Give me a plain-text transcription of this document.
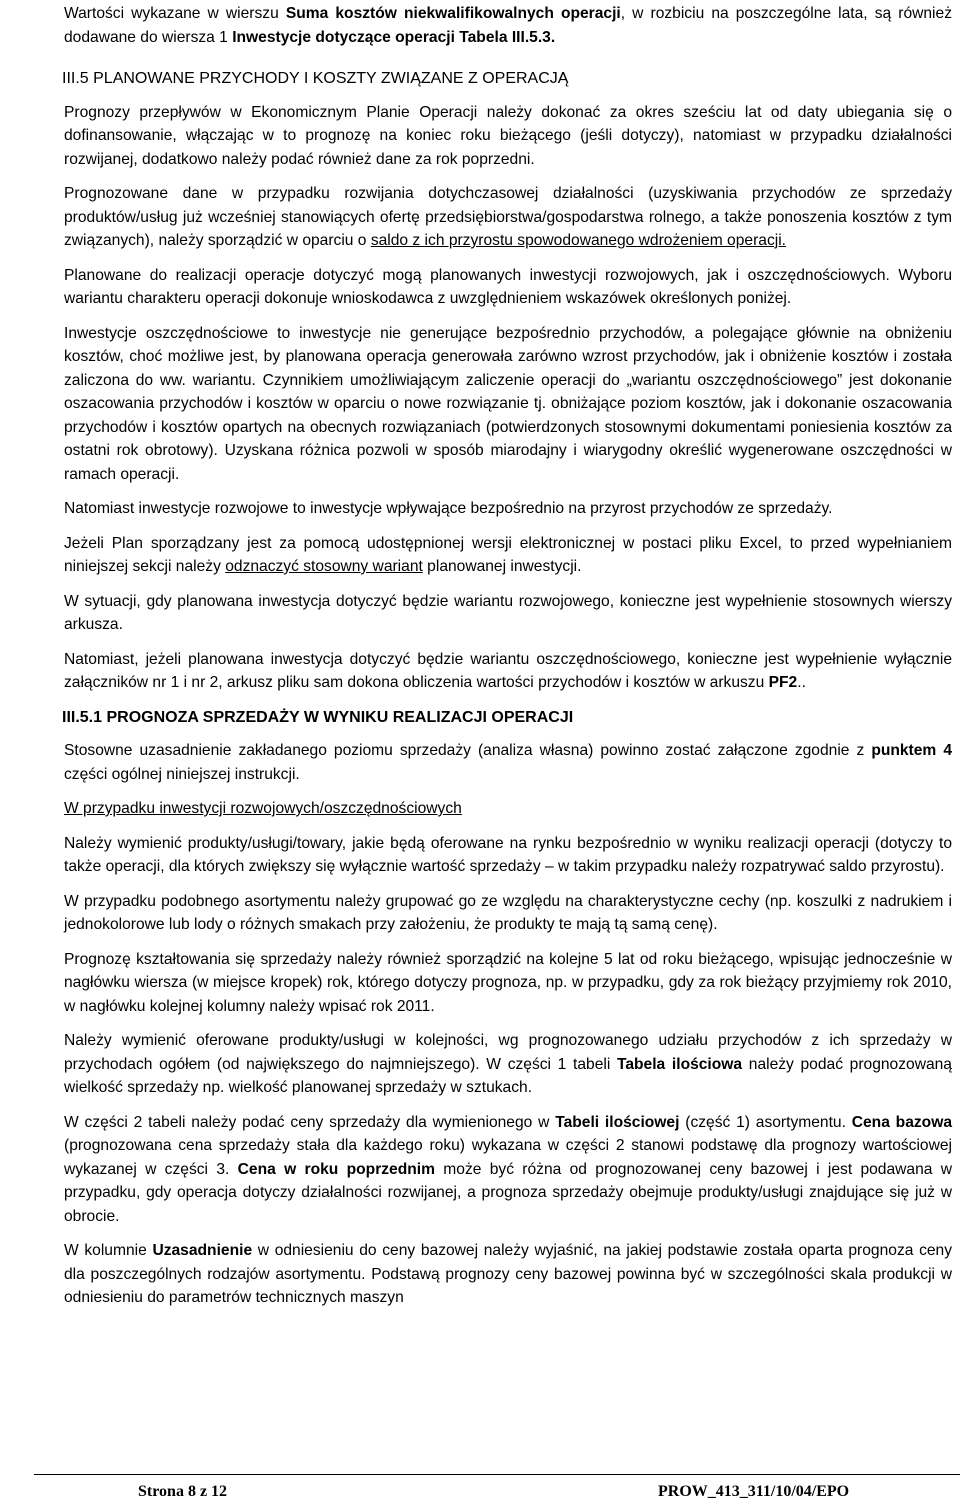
Wartości wykazane w wierszu Suma kosztów niekwalifikowalnych operacji, w rozbiciu na poszczególne lata, są również dodawane do wiersza 1 Inwestycje dotyczące operacji Tabela III.5.3.

III.5 PLANOWANE PRZYCHODY I KOSZTY ZWIĄZANE Z OPERACJĄ

Prognozy przepływów w Ekonomicznym Planie Operacji należy dokonać za okres sześciu lat od daty ubiegania się o dofinansowanie, włączając w to prognozę na koniec roku bieżącego (jeśli dotyczy), natomiast w przypadku działalności rozwijanej, dodatkowo należy podać również dane za rok poprzedni.

Prognozowane dane w przypadku rozwijania dotychczasowej działalności (uzyskiwania przychodów ze sprzedaży produktów/usług już wcześniej stanowiących ofertę przedsiębiorstwa/gospodarstwa rolnego, a także ponoszenia kosztów z tym związanych), należy sporządzić w oparciu o saldo z ich przyrostu spowodowanego wdrożeniem operacji.

Planowane do realizacji operacje dotyczyć mogą planowanych inwestycji rozwojowych, jak i oszczędnościowych. Wyboru wariantu charakteru operacji dokonuje wnioskodawca z uwzględnieniem wskazówek określonych poniżej.

Inwestycje oszczędnościowe to inwestycje nie generujące bezpośrednio przychodów, a polegające głównie na obniżeniu kosztów, choć możliwe jest, by planowana operacja generowała zarówno wzrost przychodów, jak i obniżenie kosztów i została zaliczona do ww. wariantu. Czynnikiem umożliwiającym zaliczenie operacji do „wariantu oszczędnościowego” jest dokonanie oszacowania przychodów i kosztów w oparciu o nowe rozwiązanie tj. obniżające poziom kosztów, jak i dokonanie oszacowania przychodów i kosztów opartych na obecnych rozwiązaniach (potwierdzonych stosownymi dokumentami poniesienia kosztów za ostatni rok obrotowy). Uzyskana różnica pozwoli w sposób miarodajny i wiarygodny określić wygenerowane oszczędności w ramach operacji.

Natomiast inwestycje rozwojowe to inwestycje wpływające bezpośrednio na przyrost przychodów ze sprzedaży.

Jeżeli Plan sporządzany jest za pomocą udostępnionej wersji elektronicznej w postaci pliku Excel, to przed wypełnianiem niniejszej sekcji należy odznaczyć stosowny wariant planowanej inwestycji.

W sytuacji, gdy planowana inwestycja dotyczyć będzie wariantu rozwojowego, konieczne jest wypełnienie stosownych wierszy arkusza.

Natomiast, jeżeli planowana inwestycja dotyczyć będzie wariantu oszczędnościowego, konieczne jest wypełnienie wyłącznie załączników nr 1 i nr 2, arkusz pliku sam dokona obliczenia wartości przychodów i kosztów w arkuszu PF2..

III.5.1 PROGNOZA SPRZEDAŻY W WYNIKU REALIZACJI OPERACJI

Stosowne uzasadnienie zakładanego poziomu sprzedaży (analiza własna) powinno zostać załączone zgodnie z punktem 4 części ogólnej niniejszej instrukcji.

W przypadku inwestycji rozwojowych/oszczędnościowych

Należy wymienić produkty/usługi/towary, jakie będą oferowane na rynku bezpośrednio w wyniku realizacji operacji (dotyczy to także operacji, dla których zwiększy się wyłącznie wartość sprzedaży – w takim przypadku należy rozpatrywać saldo przyrostu).

W przypadku podobnego asortymentu należy grupować go ze względu na charakterystyczne cechy (np. koszulki z nadrukiem i jednokolorowe lub lody o różnych smakach przy założeniu, że produkty te mają tą samą cenę).

Prognozę kształtowania się sprzedaży należy również sporządzić na kolejne 5 lat od roku bieżącego, wpisując jednocześnie w nagłówku wiersza (w miejsce kropek) rok, którego dotyczy prognoza, np. w przypadku, gdy za rok bieżący przyjmiemy rok 2010, w nagłówku kolejnej kolumny należy wpisać rok 2011.

Należy wymienić oferowane produkty/usługi w kolejności, wg prognozowanego udziału przychodów z ich sprzedaży w przychodach ogółem (od największego do najmniejszego). W części 1 tabeli Tabela ilościowa należy podać prognozowaną wielkość sprzedaży np. wielkość planowanej sprzedaży w sztukach.

W części 2 tabeli należy podać ceny sprzedaży dla wymienionego w Tabeli ilościowej (część 1) asortymentu. Cena bazowa (prognozowana cena sprzedaży stała dla każdego roku) wykazana w części 2 stanowi podstawę dla prognozy wartościowej wykazanej w części 3. Cena w roku poprzednim może być różna od prognozowanej ceny bazowej i jest podawana w przypadku, gdy operacja dotyczy działalności rozwijanej, a prognoza sprzedaży obejmuje produkty/usługi znajdujące się już w obrocie.

W kolumnie Uzasadnienie w odniesieniu do ceny bazowej należy wyjaśnić, na jakiej podstawie została oparta prognoza ceny dla poszczególnych rodzajów asortymentu. Podstawą prognozy ceny bazowej powinna być w szczególności skala produkcji w odniesieniu do parametrów technicznych maszyn

Strona 8 z 12	PROW_413_311/10/04/EPO
